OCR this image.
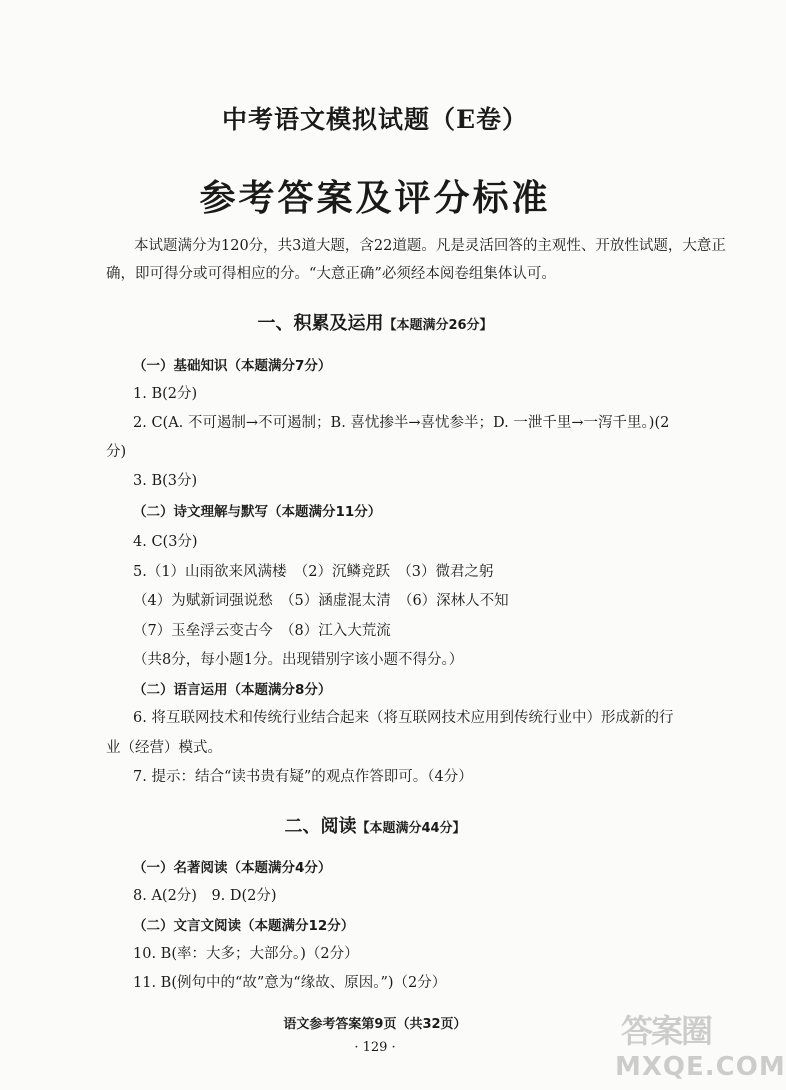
中考语文模拟试题（E卷）
参考答案及评分标准
本试题满分为120分，共3道大题，含22道题。凡是灵活回答的主观性、开放性试题，大意正确，即可得分或可得相应的分。“大意正确”必须经本阅卷组集体认可。
一、积累及运用【本题满分26分】
（一）基础知识（本题满分7分）
1. B(2分)
2. C(A. 不可遏制→不可遏制；B. 喜忧掺半→喜忧参半；D. 一泄千里→一泻千里。)(2
分)
3. B(3分)
（二）诗文理解与默写（本题满分11分）
4. C(3分)
5.（1）山雨欲来风满楼　（2）沉鳞竞跃　（3）微君之躬
（4）为赋新词强说愁　（5）涵虚混太清　（6）深林人不知
（7）玉垒浮云变古今　（8）江入大荒流
（共8分，每小题1分。出现错别字该小题不得分。）
（二）语言运用（本题满分8分）
6. 将互联网技术和传统行业结合起来（将互联网技术应用到传统行业中）形成新的行
业（经营）模式。
7. 提示：结合“读书贵有疑”的观点作答即可。（4分）
二、阅读【本题满分44分】
（一）名著阅读（本题满分4分）
8. A(2分)　9. D(2分)
（二）文言文阅读（本题满分12分）
10. B(率：大多；大部分。)（2分）
11. B(例句中的“故”意为“缘故、原因。”)（2分）
语文参考答案第9页（共32页）
· 129 ·	答案圈
MXQE.COM
